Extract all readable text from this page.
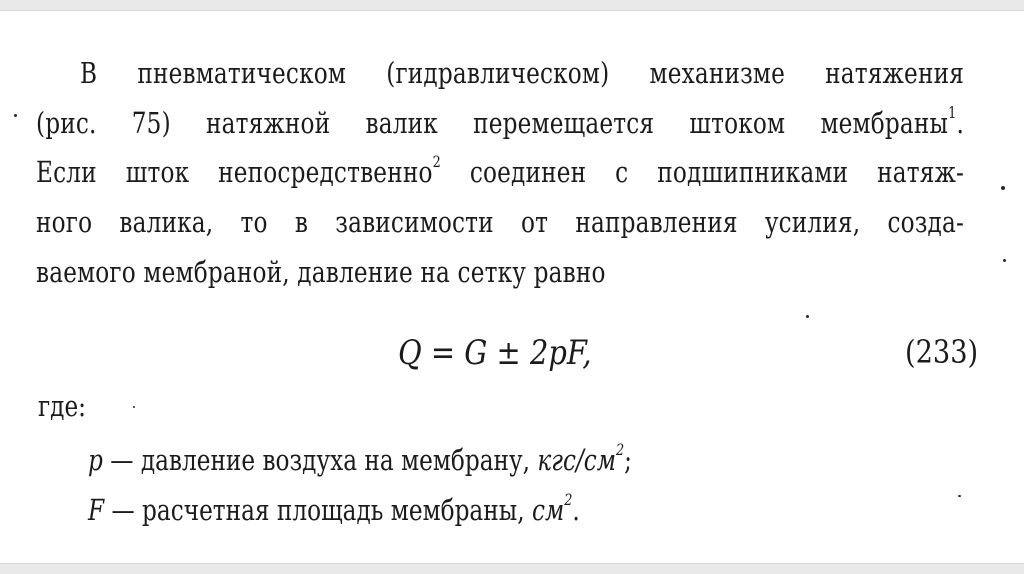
В пневматическом (гидравлическом) механизме натяжения
(рис. 75) натяжной валик перемещается штоком мембраны$^1$.
Если шток непосредственно$^2$ соединен с подшипниками натяж-
ного валика, то в зависимости от направления усилия, созда-
ваемого мембраной, давление на сетку равно
Q = G ± 2pF,	(233)
где:
p — давление воздуха на мембрану, кгс/$см^2$;
F — расчетная площадь мембраны, $см^2$.
